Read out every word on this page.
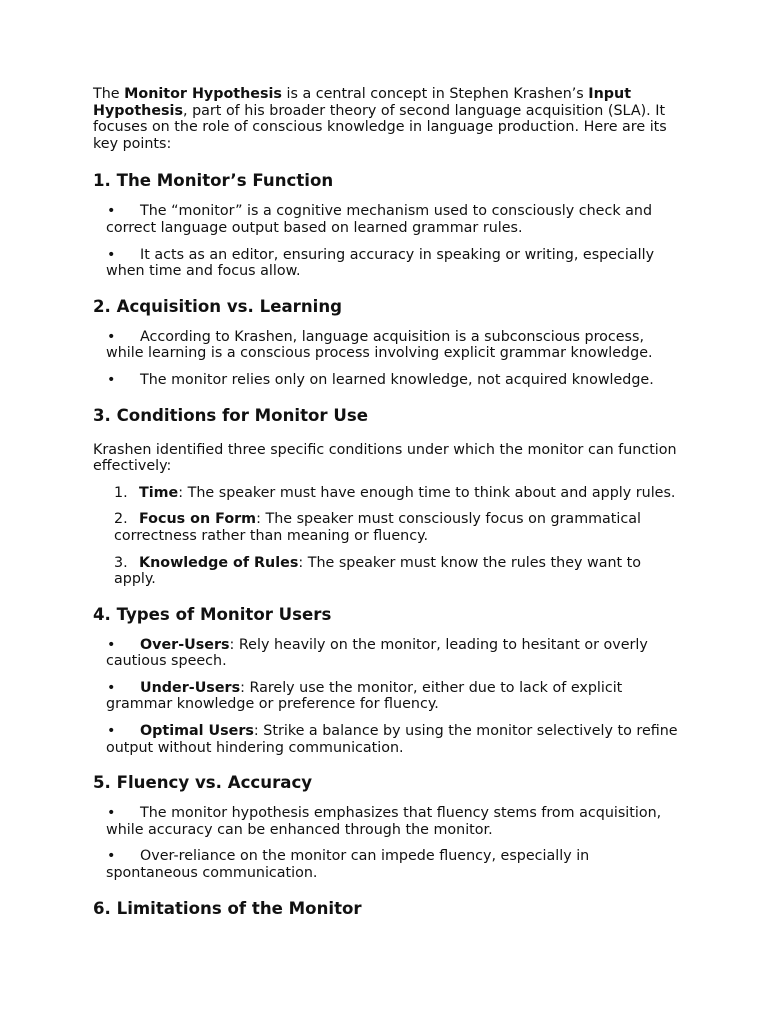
The Monitor Hypothesis is a central concept in Stephen Krashen’s Input Hypothesis, part of his broader theory of second language acquisition (SLA). It focuses on the role of conscious knowledge in language production. Here are its key points:

1. The Monitor’s Function
• The “monitor” is a cognitive mechanism used to consciously check and correct language output based on learned grammar rules.
• It acts as an editor, ensuring accuracy in speaking or writing, especially when time and focus allow.
2. Acquisition vs. Learning
• According to Krashen, language acquisition is a subconscious process, while learning is a conscious process involving explicit grammar knowledge.
• The monitor relies only on learned knowledge, not acquired knowledge.
3. Conditions for Monitor Use

Krashen identified three specific conditions under which the monitor can function effectively:

1. Time: The speaker must have enough time to think about and apply rules.
2. Focus on Form: The speaker must consciously focus on grammatical correctness rather than meaning or fluency.
3. Knowledge of Rules: The speaker must know the rules they want to apply.
4. Types of Monitor Users
• Over-Users: Rely heavily on the monitor, leading to hesitant or overly cautious speech.
• Under-Users: Rarely use the monitor, either due to lack of explicit grammar knowledge or preference for fluency.
• Optimal Users: Strike a balance by using the monitor selectively to refine output without hindering communication.
5. Fluency vs. Accuracy
• The monitor hypothesis emphasizes that fluency stems from acquisition, while accuracy can be enhanced through the monitor.
• Over-reliance on the monitor can impede fluency, especially in spontaneous communication.
6. Limitations of the Monitor
